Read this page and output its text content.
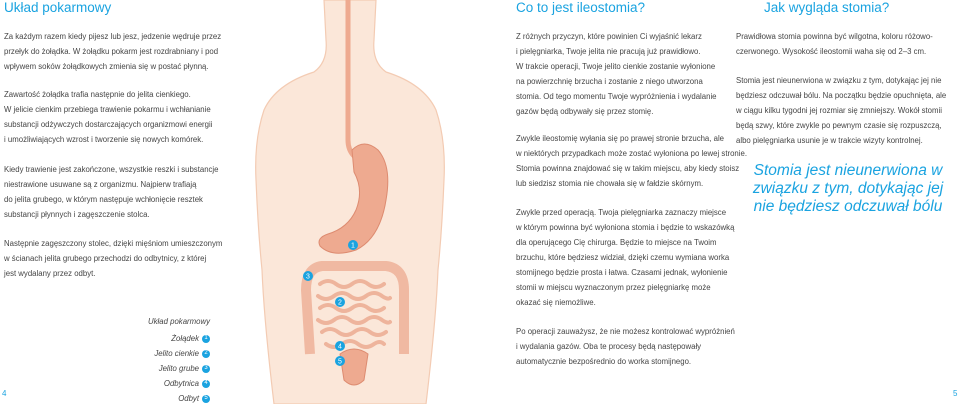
Układ pokarmowy
Za każdym razem kiedy pijesz lub jesz, jedzenie wędruje przez
przełyk do żołądka. W żołądku pokarm jest rozdrabniany i pod
wpływem soków żołądkowych zmienia się w postać płynną.
Zawartość żołądka trafia następnie do jelita cienkiego.
W jelicie cienkim przebiega trawienie pokarmu i wchłanianie
substancji odżywczych dostarczających organizmowi energii
i umożliwiających wzrost i tworzenie się nowych komórek.
Kiedy trawienie jest zakończone, wszystkie reszki i substancje
niestrawione usuwane są z organizmu. Najpierw trafiają
do jelita grubego, w którym następuje wchłonięcie resztek
substancji płynnych i zagęszczenie stolca.
Następnie zagęszczony stolec, dzięki mięśniom umieszczonym
w ścianach jelita grubego przechodzi do odbytnicy, z której
jest wydalany przez odbyt.
Układ pokarmowy
Żołądek 1
Jelito cienkie 2
Jelito grube 3
Odbytnica 4
Odbyt 5
4
1
2
3
4
5
Co to jest ileostomia?
Z różnych przyczyn, które powinien Ci wyjaśnić lekarz
i pielęgniarka, Twoje jelita nie pracują już prawidłowo.
W trakcie operacji, Twoje jelito cienkie zostanie wyłonione
na powierzchnię brzucha i zostanie z niego utworzona
stomia. Od tego momentu Twoje wypróżnienia i wydalanie
gazów będą odbywały się przez stomię.
Zwykle ileostomię wyłania się po prawej stronie brzucha, ale
w niektórych przypadkach może zostać wyłoniona po lewej stronie.
Stomia powinna znajdować się w takim miejscu, aby kiedy stoisz
lub siedzisz stomia nie chowała się w fałdzie skórnym.
Zwykle przed operacją. Twoja pielęgniarka zaznaczy miejsce
w którym powinna być wyłoniona stomia i będzie to wskazówką
dla operującego Cię chirurga. Będzie to miejsce na Twoim
brzuchu, które będziesz widział, dzięki czemu wymiana worka
stomijnego będzie prosta i łatwa. Czasami jednak, wyłonienie
stomii w miejscu wyznaczonym przez pielęgniarkę może
okazać się niemożliwe.
Po operacji zauważysz, że nie możesz kontrolować wypróżnień
i wydalania gazów. Oba te procesy będą następowały
automatycznie bezpośrednio do worka stomijnego.
Jak wygląda stomia?
Prawidłowa stomia powinna być wilgotna, koloru różowo-
czerwonego. Wysokość ileostomii waha się od 2–3 cm.
Stomia jest nieunerwiona w związku z tym, dotykając jej nie
będziesz odczuwał bólu. Na początku będzie opuchnięta, ale
w ciągu kilku tygodni jej rozmiar się zmniejszy. Wokół stomii
będą szwy, które zwykle po pewnym czasie się rozpuszczą,
albo pielęgniarka usunie je w trakcie wizyty kontrolnej.
Stomia jest nieunerwiona w
związku z tym, dotykając jej
nie będziesz odczuwał bólu
5
